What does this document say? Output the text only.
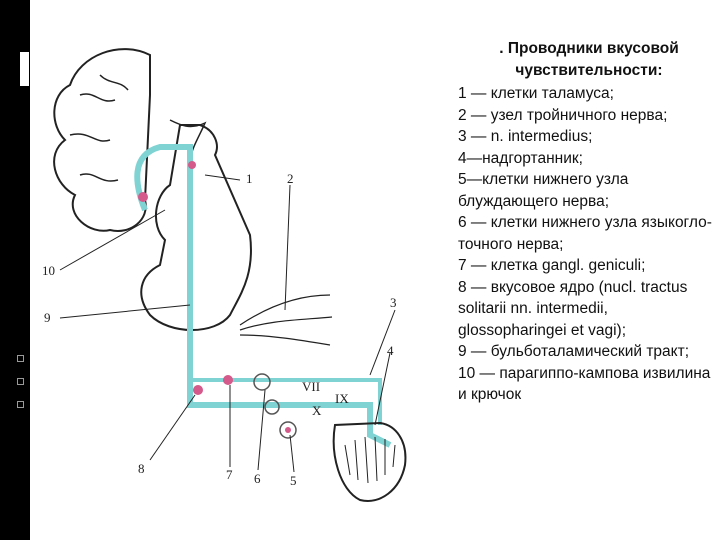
1	2
3
4
5
6
7
8
9
10
VII
IX
X
. Проводники вкусовой чувствительности:
1 — клетки таламуса;
2 — узел тройничного нерва;
3 — n. intermedius;
4—надгортанник;
5—клетки нижнего узла блуждающего нерва;
6 — клетки нижнего узла языкогло-точного нерва;
7 — клетка gangl. geniculi;
8 — вкусовое ядро (nucl. tractus solitarii nn. intermedii, glossopharingei et vagi);
9 — бульботаламический тракт;
10 — парагиппо-кампова извилина и крючок
